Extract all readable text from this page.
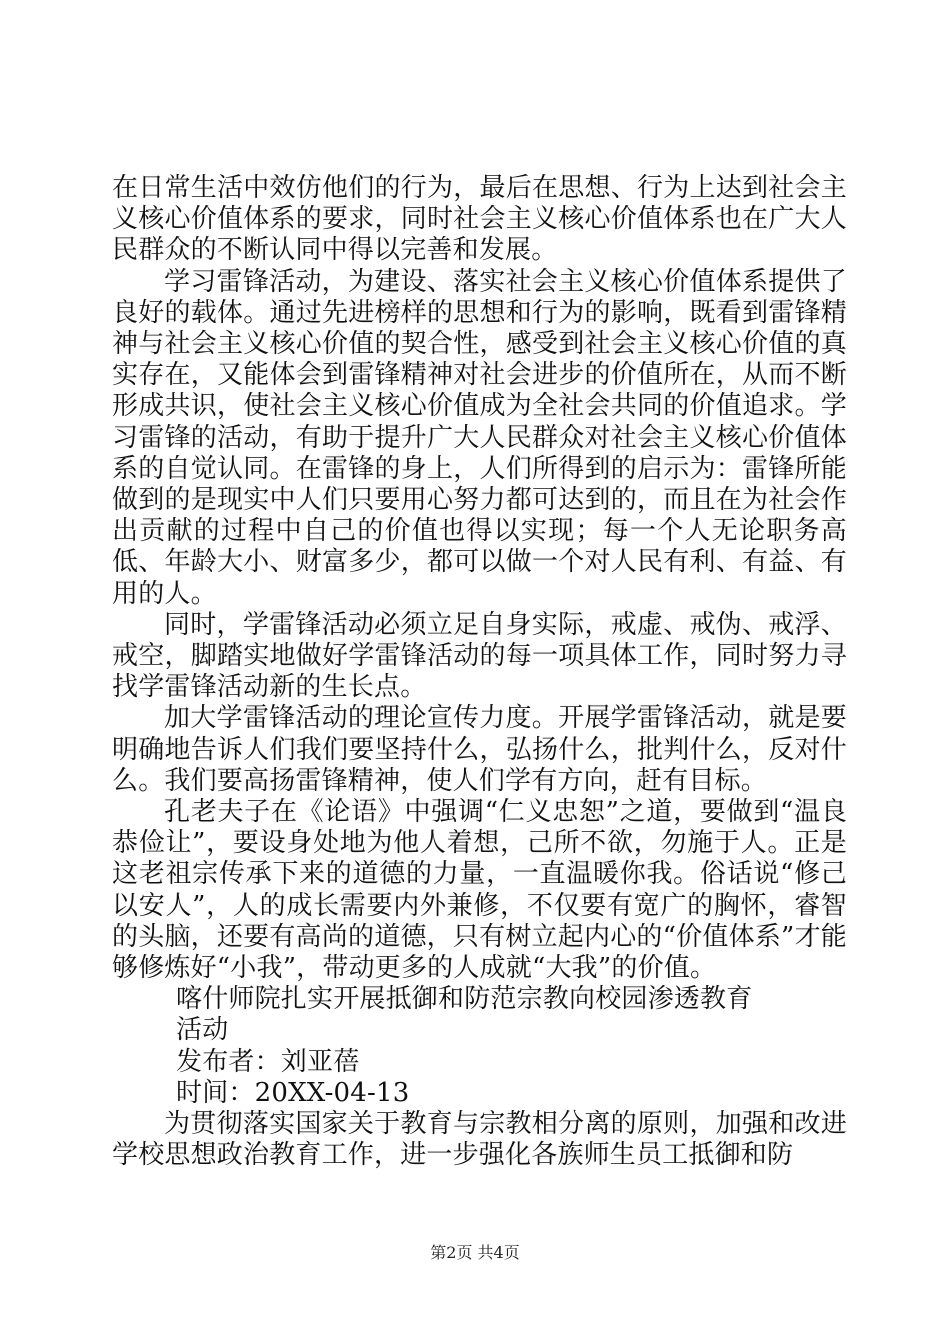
在日常生活中效仿他们的行为，最后在思想、行为上达到社会主义核心价值体系的要求，同时社会主义核心价值体系也在广大人民群众的不断认同中得以完善和发展。

学习雷锋活动，为建设、落实社会主义核心价值体系提供了良好的载体。通过先进榜样的思想和行为的影响，既看到雷锋精神与社会主义核心价值的契合性，感受到社会主义核心价值的真实存在，又能体会到雷锋精神对社会进步的价值所在，从而不断形成共识，使社会主义核心价值成为全社会共同的价值追求。学习雷锋的活动，有助于提升广大人民群众对社会主义核心价值体系的自觉认同。在雷锋的身上，人们所得到的启示为：雷锋所能做到的是现实中人们只要用心努力都可达到的，而且在为社会作出贡献的过程中自己的价值也得以实现；每一个人无论职务高低、年龄大小、财富多少，都可以做一个对人民有利、有益、有用的人。

同时，学雷锋活动必须立足自身实际，戒虚、戒伪、戒浮、戒空，脚踏实地做好学雷锋活动的每一项具体工作，同时努力寻找学雷锋活动新的生长点。

加大学雷锋活动的理论宣传力度。开展学雷锋活动，就是要明确地告诉人们我们要坚持什么，弘扬什么，批判什么，反对什么。我们要高扬雷锋精神，使人们学有方向，赶有目标。

孔老夫子在《论语》中强调“仁义忠恕”之道，要做到“温良恭俭让”，要设身处地为他人着想，己所不欲，勿施于人。正是这老祖宗传承下来的道德的力量，一直温暖你我。俗话说“修己以安人”，人的成长需要内外兼修，不仅要有宽广的胸怀，睿智的头脑，还要有高尚的道德，只有树立起内心的“价值体系”才能够修炼好“小我”，带动更多的人成就“大我”的价值。

喀什师院扎实开展抵御和防范宗教向校园渗透教育

活动

发布者：刘亚蓓

时间：20XX-04-13

为贯彻落实国家关于教育与宗教相分离的原则，加强和改进学校思想政治教育工作，进一步强化各族师生员工抵御和防

第2页 共4页
